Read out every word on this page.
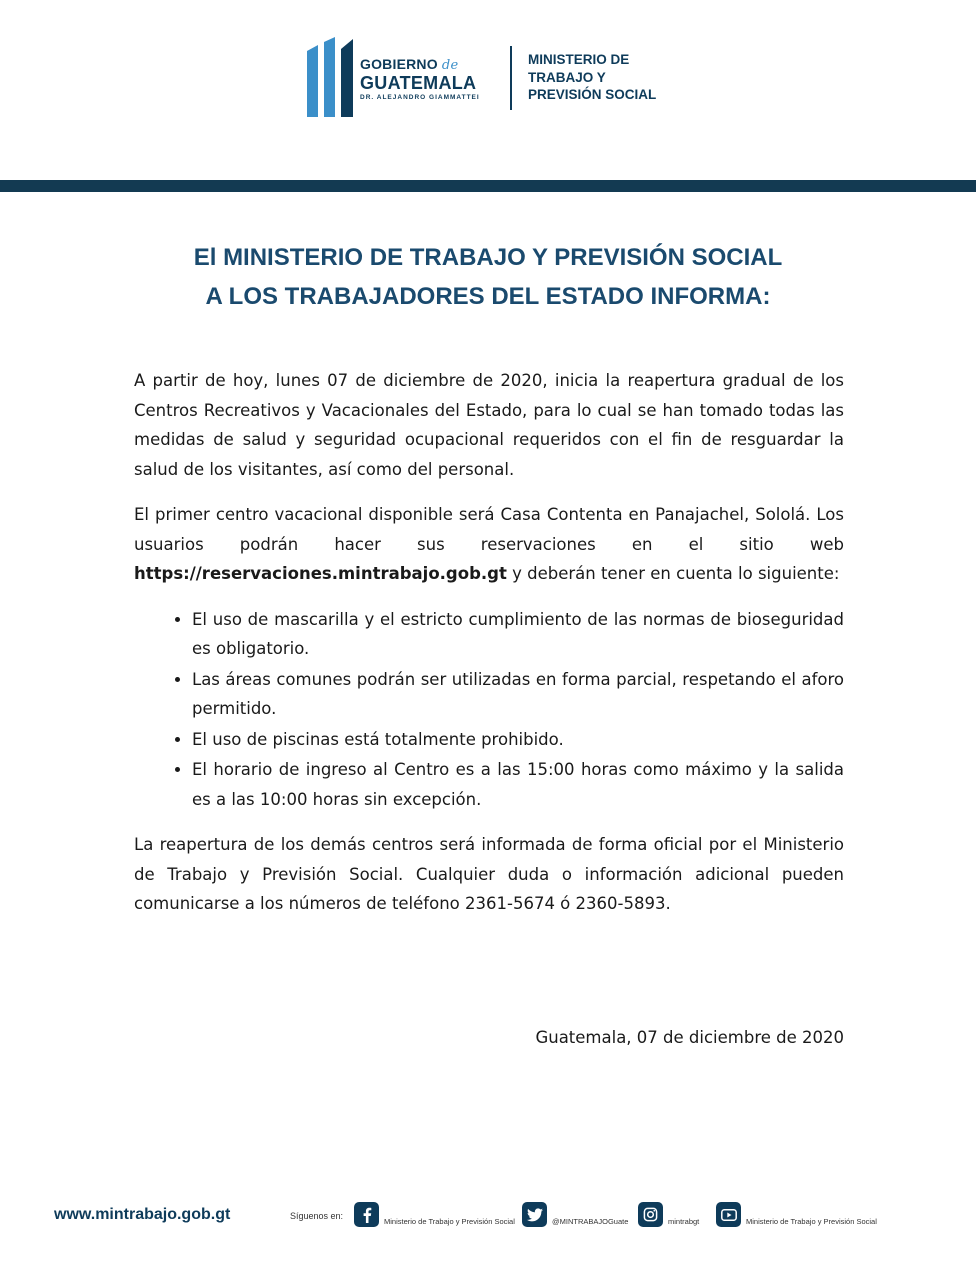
GOBIERNO de
GUATEMALA
DR. ALEJANDRO GIAMMATTEI
MINISTERIO DE
TRABAJO Y
PREVISIÓN SOCIAL
El MINISTERIO DE TRABAJO Y PREVISIÓN SOCIAL
A LOS TRABAJADORES DEL ESTADO INFORMA:

A partir de hoy, lunes 07 de diciembre de 2020, inicia la reapertura gradual de los Centros Recreativos y Vacacionales del Estado, para lo cual se han tomado todas las medidas de salud y seguridad ocupacional requeridos con el fin de resguardar la salud de los visitantes, así como del personal.

El primer centro vacacional disponible será Casa Contenta en Panajachel, Sololá. Los usuarios podrán hacer sus reservaciones en el sitio web https://reservaciones.mintrabajo.gob.gt y deberán tener en cuenta lo siguiente:

• El uso de mascarilla y el estricto cumplimiento de las normas de bioseguridad es obligatorio.
• Las áreas comunes podrán ser utilizadas en forma parcial, respetando el aforo permitido.
• El uso de piscinas está totalmente prohibido.
• El horario de ingreso al Centro es a las 15:00 horas como máximo y la salida es a las 10:00 horas sin excepción.

La reapertura de los demás centros será informada de forma oficial por el Ministerio de Trabajo y Previsión Social. Cualquier duda o información adicional pueden comunicarse a los números de teléfono 2361-5674 ó 2360-5893.

Guatemala, 07 de diciembre de 2020
www.mintrabajo.gob.gt	Síguenos en:
Ministerio de Trabajo y Previsión Social	@MINTRABAJOGuate	mintrabgt	Ministerio de Trabajo y Previsión Social
